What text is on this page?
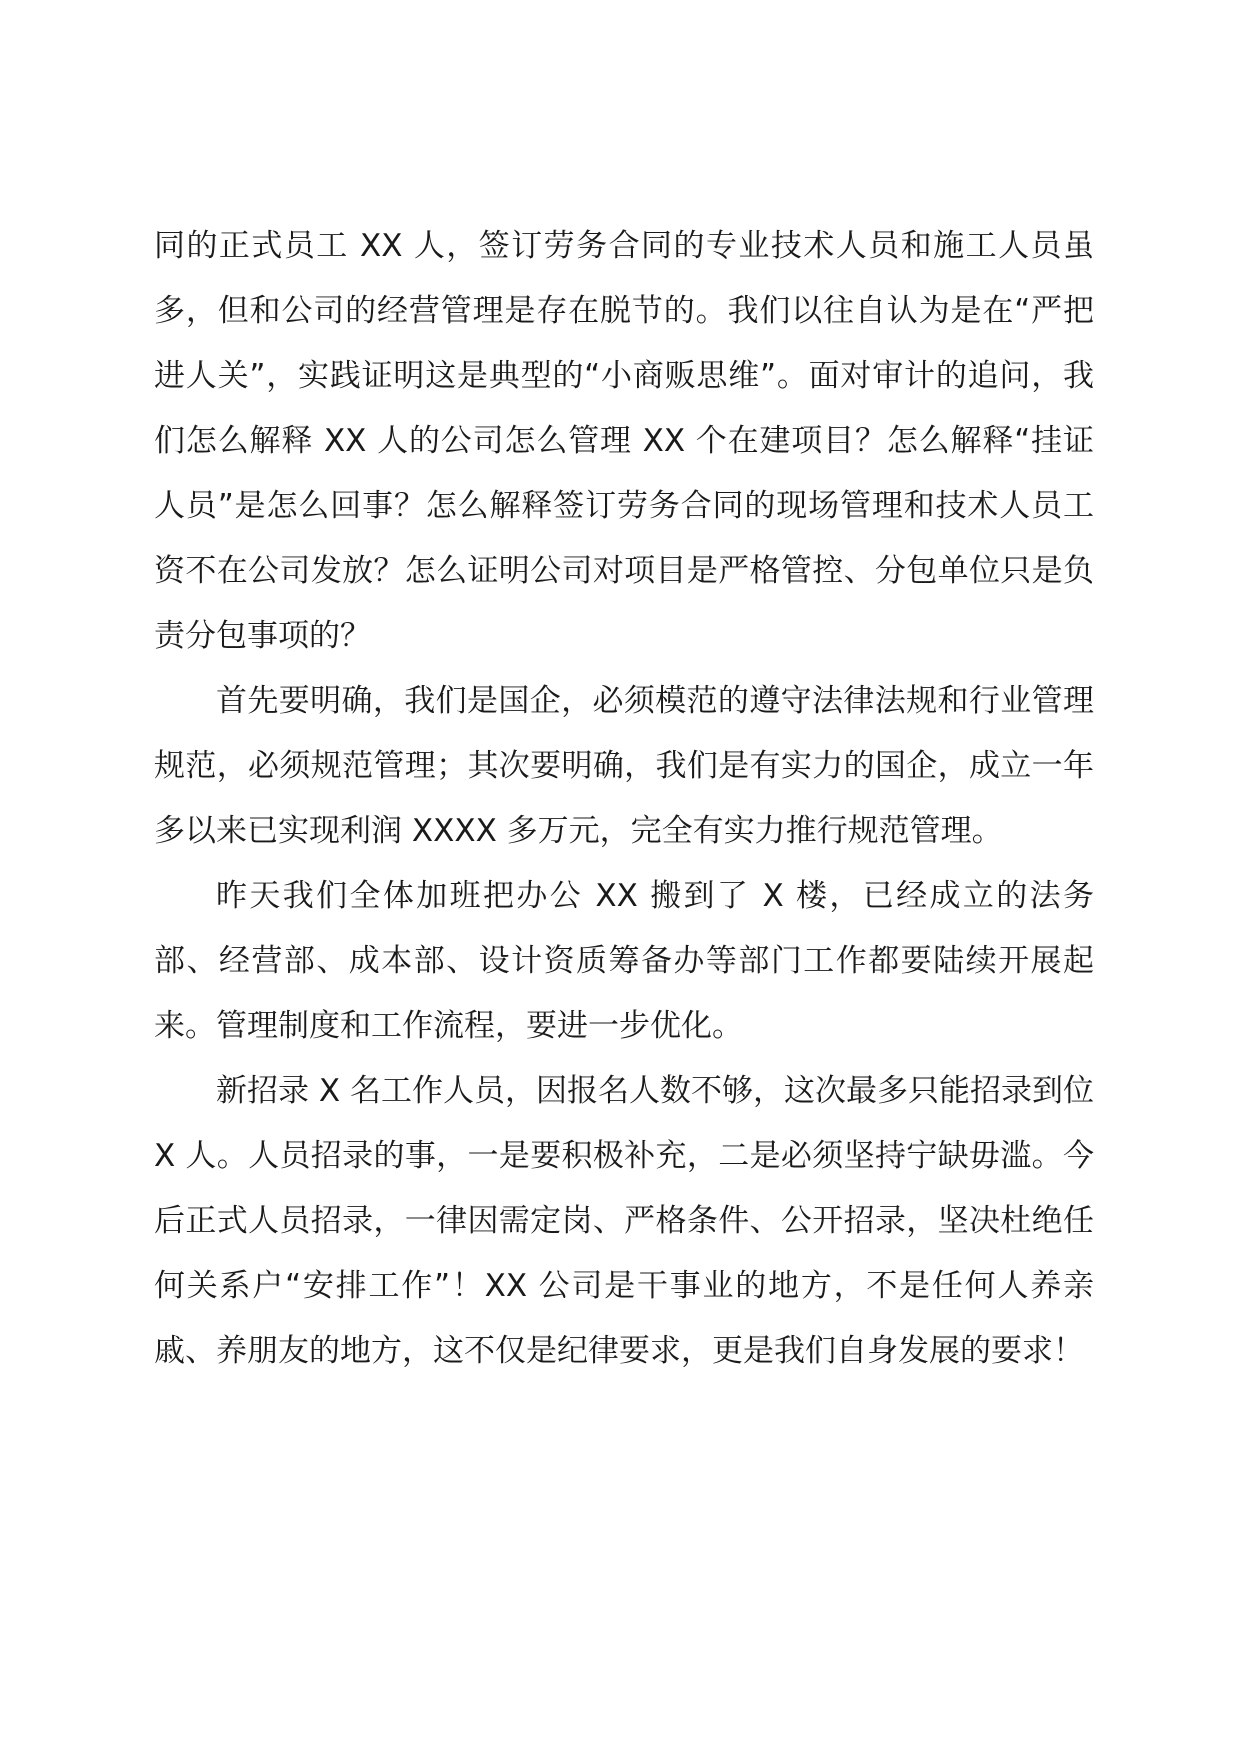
同的正式员工 XX 人，签订劳务合同的专业技术人员和施工人员虽多，但和公司的经营管理是存在脱节的。我们以往自认为是在“严把进人关”，实践证明这是典型的“小商贩思维”。面对审计的追问，我们怎么解释 XX 人的公司怎么管理 XX 个在建项目？怎么解释“挂证人员”是怎么回事？怎么解释签订劳务合同的现场管理和技术人员工资不在公司发放？怎么证明公司对项目是严格管控、分包单位只是负责分包事项的？

首先要明确，我们是国企，必须模范的遵守法律法规和行业管理规范，必须规范管理；其次要明确，我们是有实力的国企，成立一年多以来已实现利润 XXXX 多万元，完全有实力推行规范管理。

昨天我们全体加班把办公 XX 搬到了 X 楼，已经成立的法务部、经营部、成本部、设计资质筹备办等部门工作都要陆续开展起来。管理制度和工作流程，要进一步优化。

新招录 X 名工作人员，因报名人数不够，这次最多只能招录到位 X 人。人员招录的事，一是要积极补充，二是必须坚持宁缺毋滥。今后正式人员招录，一律因需定岗、严格条件、公开招录，坚决杜绝任何关系户“安排工作”！XX 公司是干事业的地方，不是任何人养亲戚、养朋友的地方，这不仅是纪律要求，更是我们自身发展的要求！
